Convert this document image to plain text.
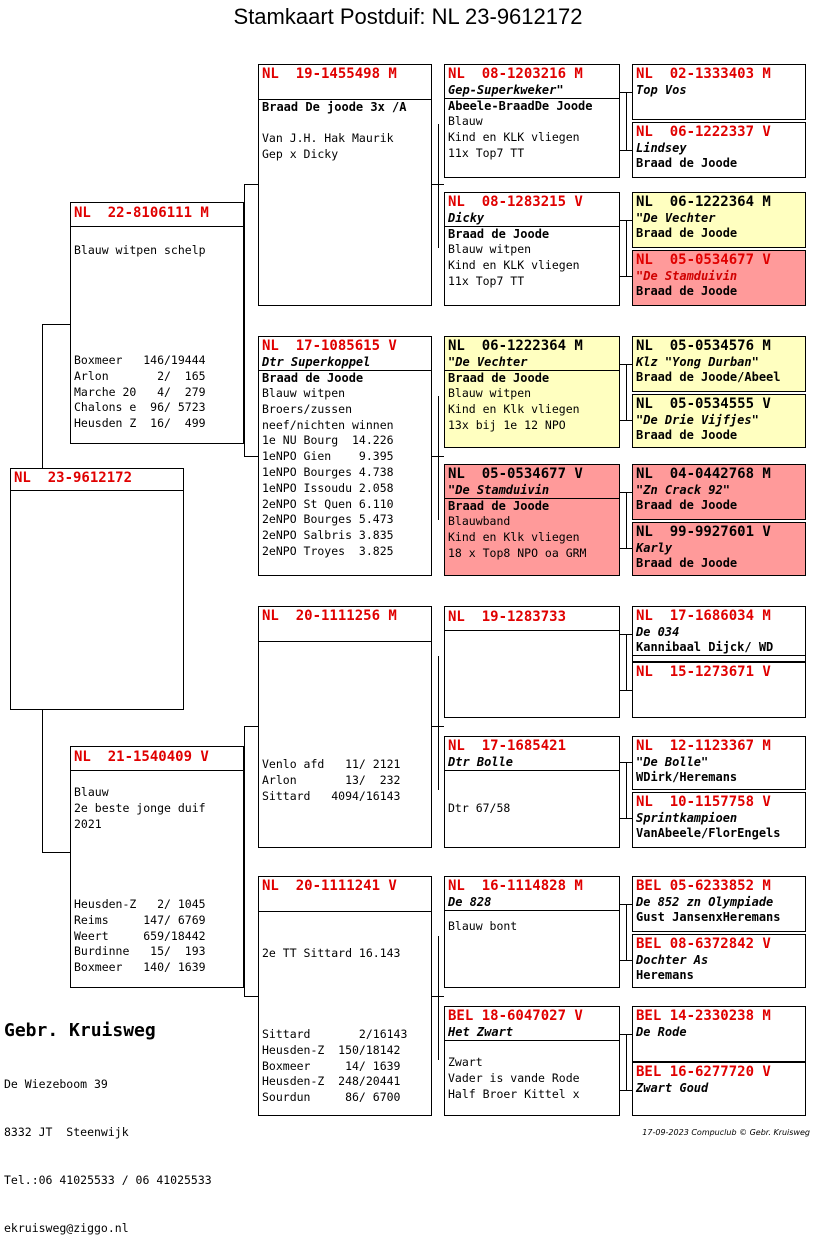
Stamkaart Postduif: NL 23-9612172
NL  23-9612172
NL  22-8106111 M
Blauw witpen schelp
Boxmeer   146/19444
Arlon       2/  165
Marche 20   4/  279
Chalons e  96/ 5723
Heusden Z  16/  499
NL  21-1540409 V
Blauw
2e beste jonge duif
2021
Heusden-Z   2/ 1045
Reims     147/ 6769
Weert     659/18442
Burdinne   15/  193
Boxmeer   140/ 1639
NL  19-1455498 M
Braad De joode 3x /A
Van J.H. Hak Maurik
Gep x Dicky
NL  17-1085615 V
Dtr Superkoppel
Braad de Joode
Blauw witpen
Broers/zussen
neef/nichten winnen
1e NU Bourg  14.226
1eNPO Gien    9.395
1eNPO Bourges 4.738
1eNPO Issoudu 2.058
2eNPO St Quen 6.110
2eNPO Bourges 5.473
2eNPO Salbris 3.835
2eNPO Troyes  3.825
NL  20-1111256 M
Venlo afd   11/ 2121
Arlon       13/  232
Sittard   4094/16143
NL  20-1111241 V
2e TT Sittard 16.143
Sittard       2/16143
Heusden-Z  150/18142
Boxmeer     14/ 1639
Heusden-Z  248/20441
Sourdun     86/ 6700
NL  08-1203216 M
Gep-Superkweker"
Abeele-BraadDe Joode
Blauw
Kind en KLK vliegen
11x Top7 TT
NL  08-1283215 V
Dicky
Braad de Joode
Blauw witpen
Kind en KLK vliegen
11x Top7 TT
NL  06-1222364 M
"De Vechter
Braad de Joode
Blauw witpen
Kind en Klk vliegen
13x bij 1e 12 NPO
NL  05-0534677 V
"De Stamduivin
Braad de Joode
Blauwband
Kind en Klk vliegen
18 x Top8 NPO oa GRM
NL  19-1283733
NL  17-1685421
Dtr Bolle
Dtr 67/58
NL  16-1114828 M
De 828
Blauw bont
BEL 18-6047027 V
Het Zwart
Zwart
Vader is vande Rode
Half Broer Kittel x
NL  02-1333403 M
Top Vos
NL  06-1222337 V
Lindsey
Braad de Joode
NL  06-1222364 M
"De Vechter
Braad de Joode
NL  05-0534677 V
"De Stamduivin
Braad de Joode
NL  05-0534576 M
Klz "Yong Durban"
Braad de Joode/Abeel
NL  05-0534555 V
"De Drie Vijfjes"
Braad de Joode
NL  04-0442768 M
"Zn Crack 92"
Braad de Joode
NL  99-9927601 V
Karly
Braad de Joode
NL  17-1686034 M
De 034
Kannibaal Dijck/ WD
NL  15-1273671 V
NL  12-1123367 M
"De Bolle"
WDirk/Heremans
NL  10-1157758 V
Sprintkampioen
VanAbeele/FlorEngels
BEL 05-6233852 M
De 852 zn Olympiade
Gust JansenxHeremans
BEL 08-6372842 V
Dochter As
Heremans
BEL 14-2330238 M
De Rode
BEL 16-6277720 V
Zwart Goud
Gebr. Kruisweg

De Wiezeboom 39

8332 JT  Steenwijk

Tel.:06 41025533 / 06 41025533

ekruisweg@ziggo.nl

17-09-2023 Compuclub © Gebr. Kruisweg
